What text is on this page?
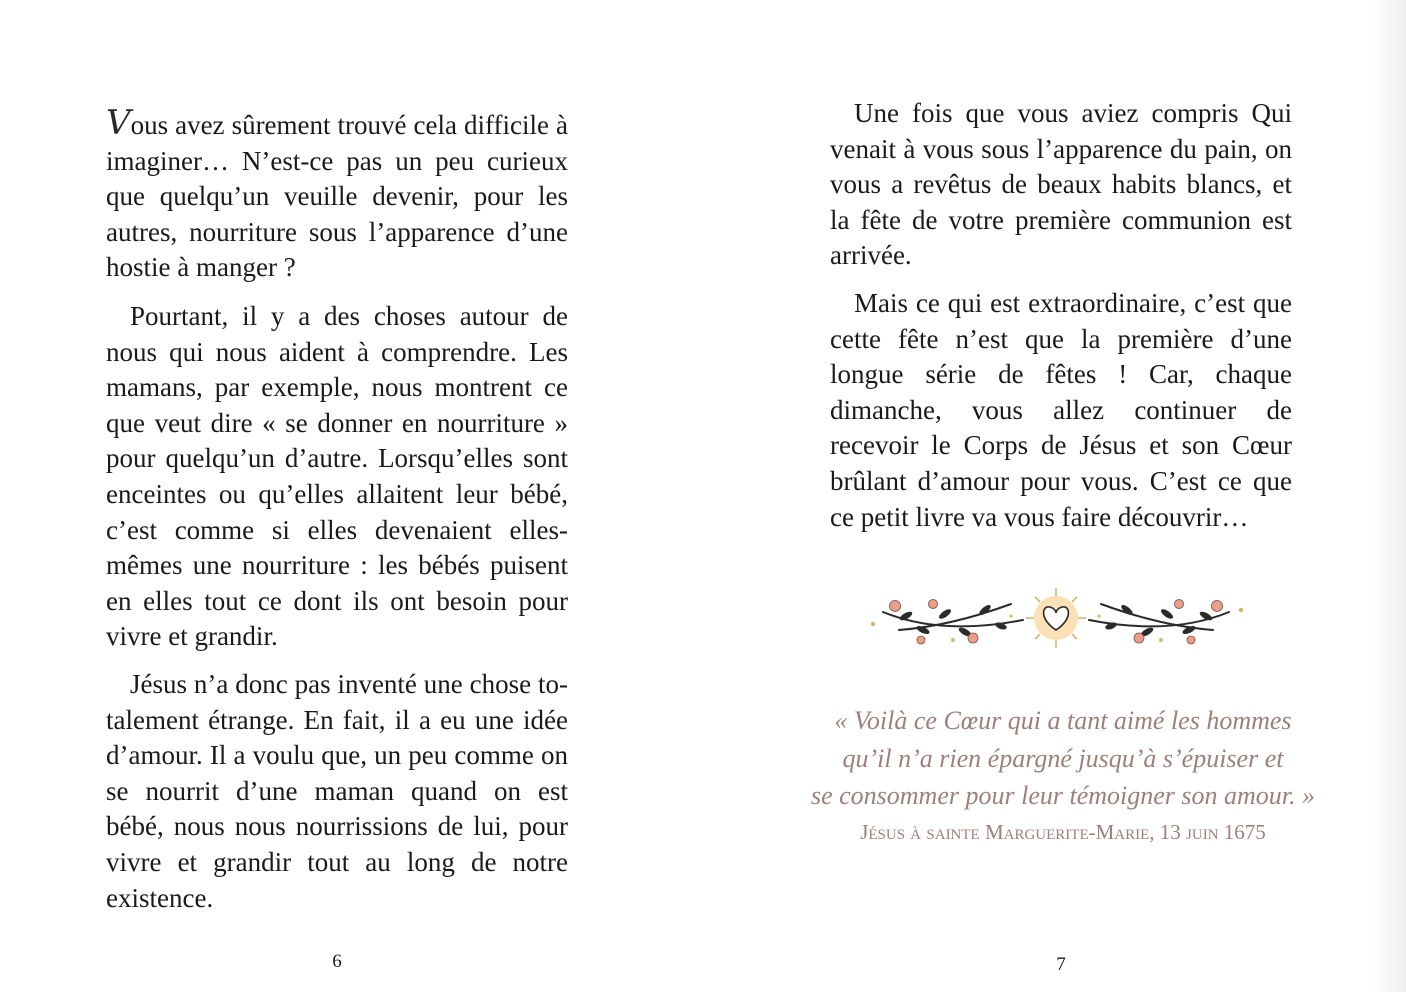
Vous avez sûrement trouvé cela difficile à imaginer… N’est-ce pas un peu curieux que quelqu’un veuille devenir, pour les autres, nourriture sous l’apparence d’une hostie à manger ?

Pourtant, il y a des choses autour de nous qui nous aident à comprendre. Les mamans, par exemple, nous montrent ce que veut dire « se donner en nourriture » pour quelqu’un d’autre. Lorsqu’elles sont enceintes ou qu’elles allaitent leur bébé, c’est comme si elles devenaient elles-mêmes une nourriture : les bébés puisent en elles tout ce dont ils ont besoin pour vivre et grandir.

Jésus n’a donc pas inventé une chose totalement étrange. En fait, il a eu une idée d’amour. Il a voulu que, un peu comme on se nourrit d’une maman quand on est bébé, nous nous nourrissions de lui, pour vivre et grandir tout au long de notre existence.

6

Une fois que vous aviez compris Qui venait à vous sous l’apparence du pain, on vous a revêtus de beaux habits blancs, et la fête de votre première communion est arrivée.

Mais ce qui est extraordinaire, c’est que cette fête n’est que la première d’une longue série de fêtes ! Car, chaque dimanche, vous allez continuer de recevoir le Corps de Jésus et son Cœur brûlant d’amour pour vous. C’est ce que ce petit livre va vous faire découvrir…

« Voilà ce Cœur qui a tant aimé les hommes
qu’il n’a rien épargné jusqu’à s’épuiser et
se consommer pour leur témoigner son amour. »

Jésus à sainte Marguerite-Marie, 13 juin 1675

7
